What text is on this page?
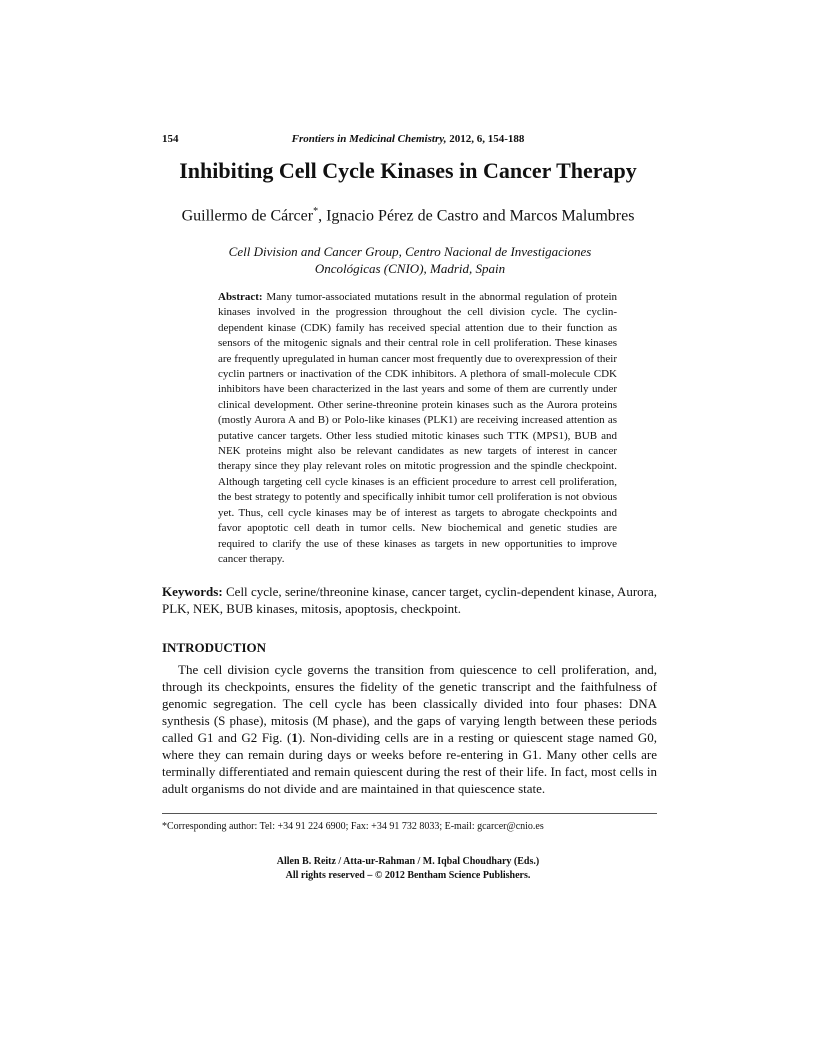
154	Frontiers in Medicinal Chemistry, 2012, 6, 154-188
Inhibiting Cell Cycle Kinases in Cancer Therapy
Guillermo de Cárcer*, Ignacio Pérez de Castro and Marcos Malumbres
Cell Division and Cancer Group, Centro Nacional de Investigaciones
Oncológicas (CNIO), Madrid, Spain
Abstract: Many tumor-associated mutations result in the abnormal regulation of protein kinases involved in the progression throughout the cell division cycle. The cyclin-dependent kinase (CDK) family has received special attention due to their function as sensors of the mitogenic signals and their central role in cell proliferation. These kinases are frequently upregulated in human cancer most frequently due to overexpression of their cyclin partners or inactivation of the CDK inhibitors. A plethora of small-molecule CDK inhibitors have been characterized in the last years and some of them are currently under clinical development. Other serine-threonine protein kinases such as the Aurora proteins (mostly Aurora A and B) or Polo-like kinases (PLK1) are receiving increased attention as putative cancer targets. Other less studied mitotic kinases such TTK (MPS1), BUB and NEK proteins might also be relevant candidates as new targets of interest in cancer therapy since they play relevant roles on mitotic progression and the spindle checkpoint. Although targeting cell cycle kinases is an efficient procedure to arrest cell proliferation, the best strategy to potently and specifically inhibit tumor cell proliferation is not obvious yet. Thus, cell cycle kinases may be of interest as targets to abrogate checkpoints and favor apoptotic cell death in tumor cells. New biochemical and genetic studies are required to clarify the use of these kinases as targets in new opportunities to improve cancer therapy.
Keywords: Cell cycle, serine/threonine kinase, cancer target, cyclin-dependent kinase, Aurora, PLK, NEK, BUB kinases, mitosis, apoptosis, checkpoint.
INTRODUCTION
The cell division cycle governs the transition from quiescence to cell proliferation, and, through its checkpoints, ensures the fidelity of the genetic transcript and the faithfulness of genomic segregation. The cell cycle has been classically divided into four phases: DNA synthesis (S phase), mitosis (M phase), and the gaps of varying length between these periods called G1 and G2 Fig. (1). Non-dividing cells are in a resting or quiescent stage named G0, where they can remain during days or weeks before re-entering in G1. Many other cells are terminally differentiated and remain quiescent during the rest of their life. In fact, most cells in adult organisms do not divide and are maintained in that quiescence state.
*Corresponding author: Tel: +34 91 224 6900; Fax: +34 91 732 8033; E-mail: gcarcer@cnio.es
Allen B. Reitz / Atta-ur-Rahman / M. Iqbal Choudhary (Eds.)
All rights reserved – © 2012 Bentham Science Publishers.
